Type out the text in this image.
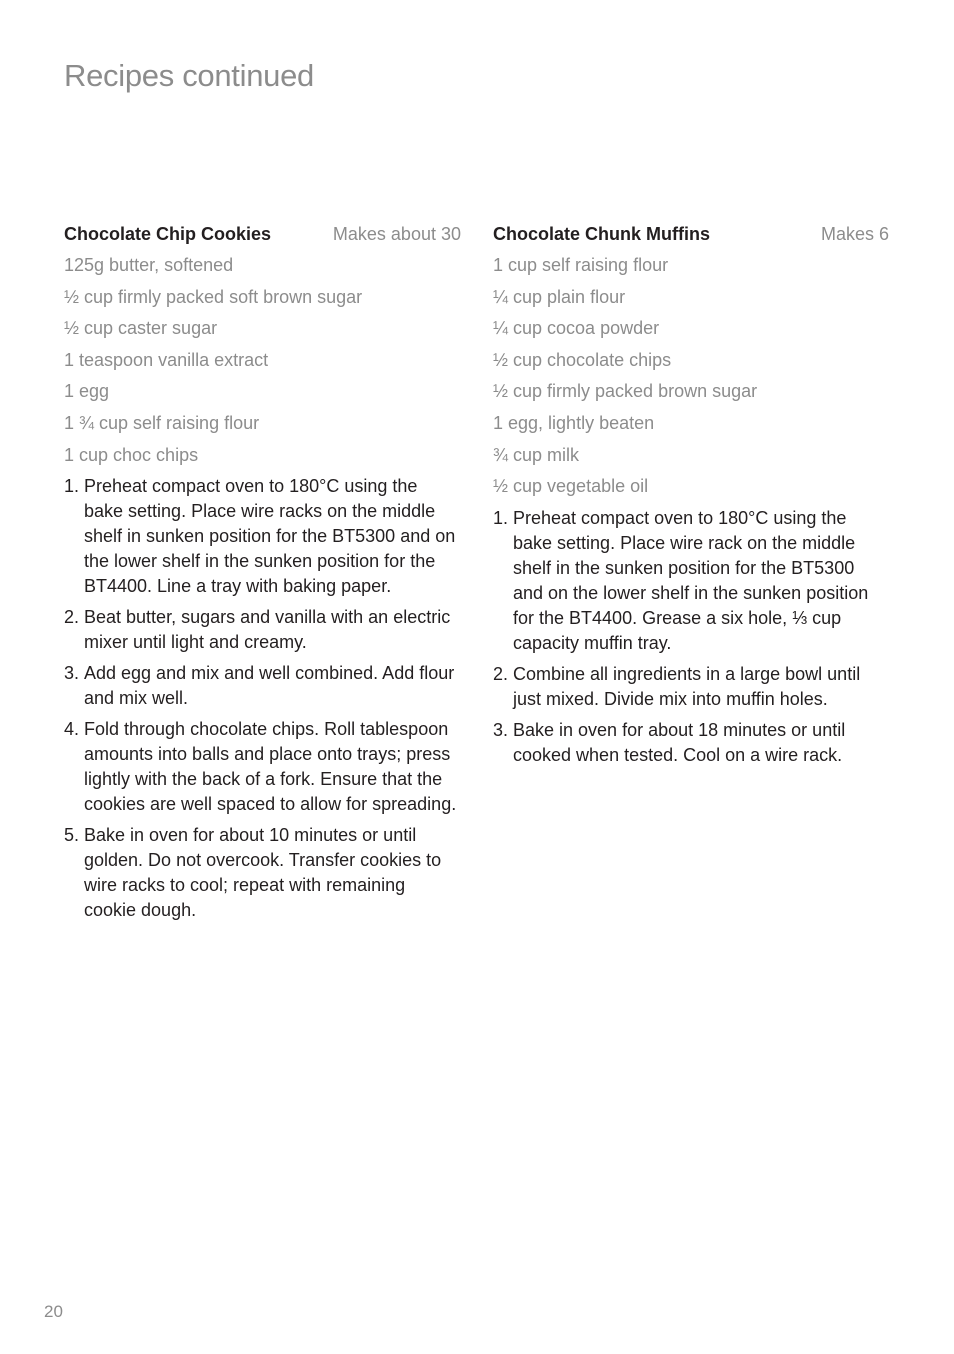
Recipes continued
Chocolate Chip Cookies	Makes about 30
125g butter, softened
½ cup firmly packed soft brown sugar
½ cup caster sugar
1 teaspoon vanilla extract
1 egg
1 ¾ cup self raising flour
1 cup choc chips
1. Preheat compact oven to 180°C using the bake setting. Place wire racks on the middle shelf in sunken position for the BT5300 and on the lower shelf in the sunken position for the BT4400. Line a tray with baking paper.
2. Beat butter, sugars and vanilla with an electric mixer until light and creamy.
3. Add egg and mix and well combined. Add flour and mix well.
4. Fold through chocolate chips. Roll tablespoon amounts into balls and place onto trays; press lightly with the back of a fork. Ensure that the cookies are well spaced to allow for spreading.
5. Bake in oven for about 10 minutes or until golden. Do not overcook. Transfer cookies to wire racks to cool; repeat with remaining cookie dough.
Chocolate Chunk Muffins	Makes 6
1 cup self raising flour
¼ cup plain flour
¼ cup cocoa powder
½ cup chocolate chips
½ cup firmly packed brown sugar
1 egg, lightly beaten
¾ cup milk
½ cup vegetable oil
1. Preheat compact oven to 180°C using the bake setting. Place wire rack on the middle shelf in the sunken position for the BT5300 and on the lower shelf in the sunken position for the BT4400. Grease a six hole, ⅓ cup capacity muffin tray.
2. Combine all ingredients in a large bowl until just mixed. Divide mix into muffin holes.
3. Bake in oven for about 18 minutes or until cooked when tested. Cool on a wire rack.
20
